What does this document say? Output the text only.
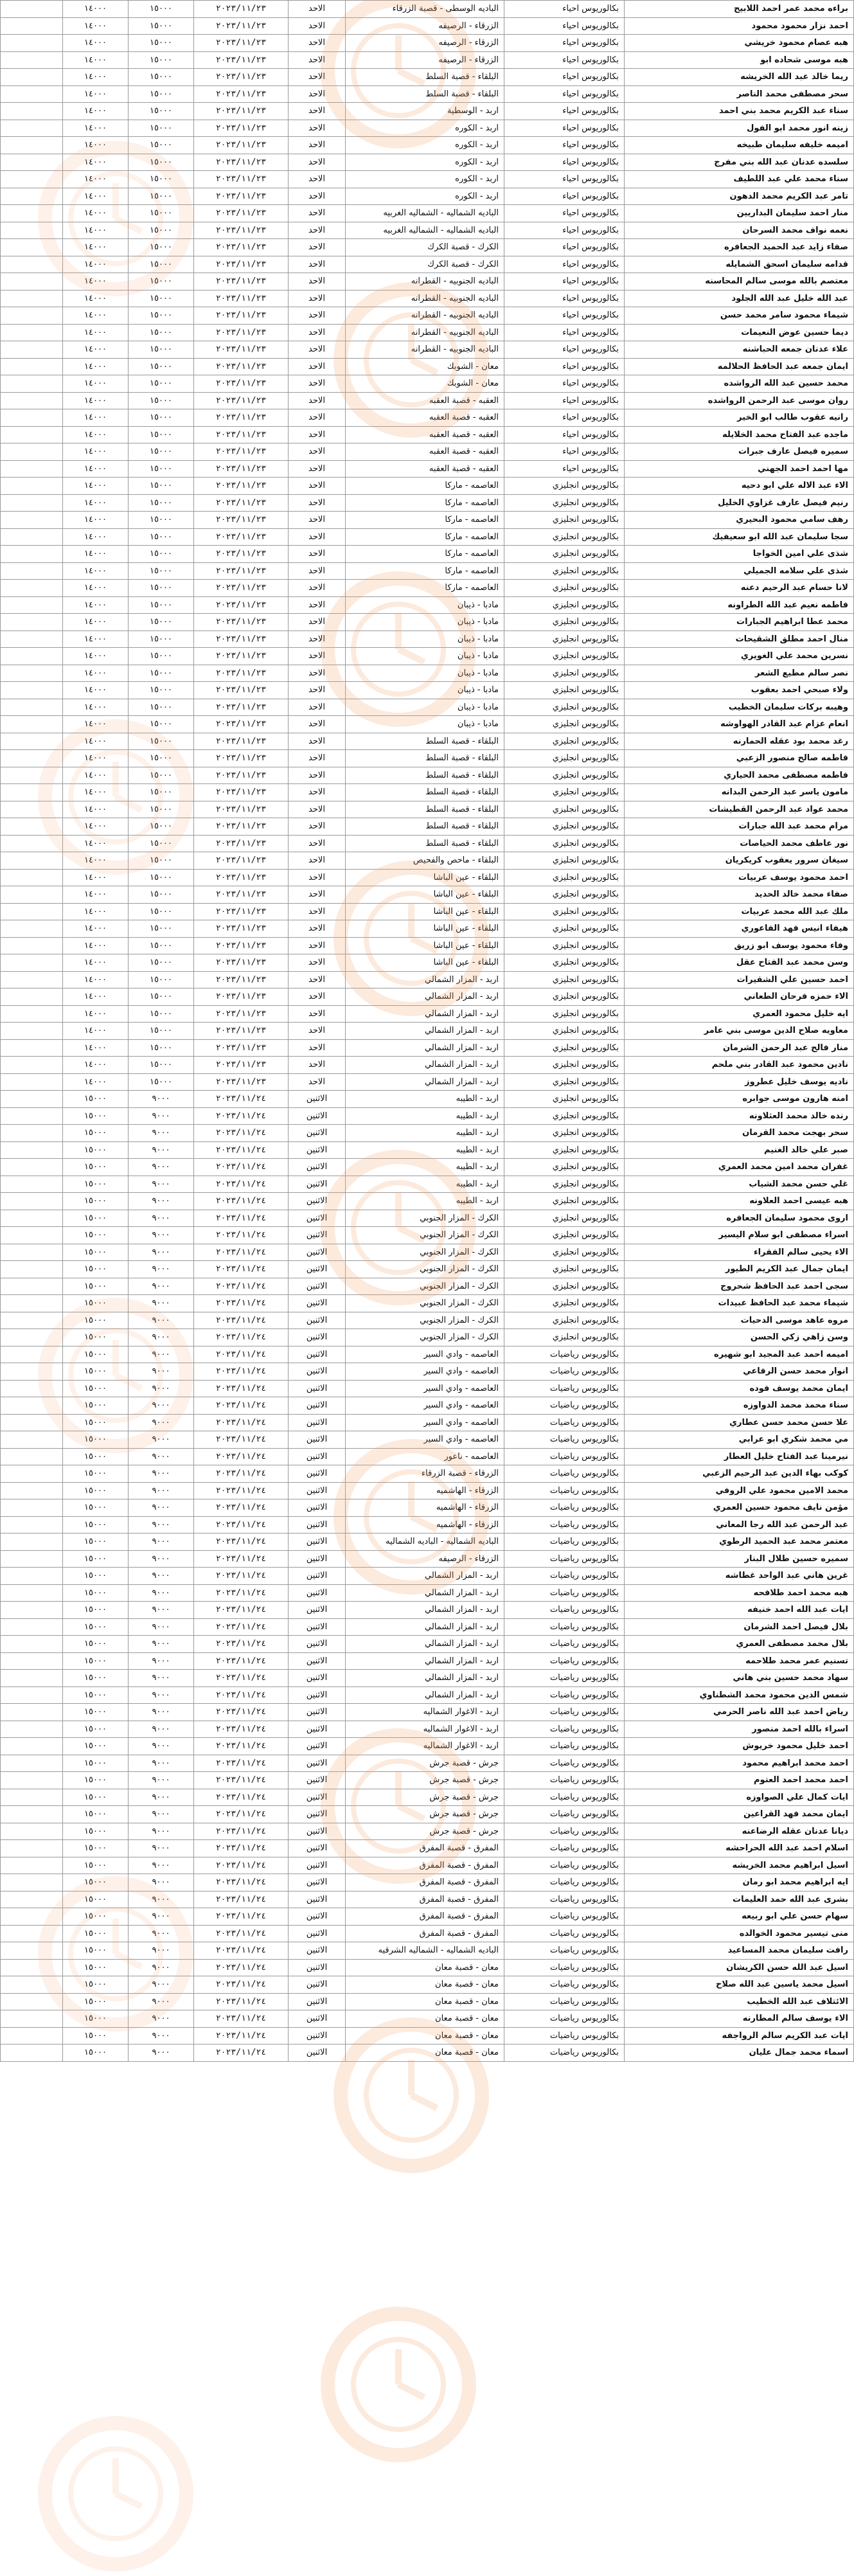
براءه محمد عمر احمد اللابيح	بكالوريوس احياء	الباديه الوسطى - قصبة الزرقاء	الاحد	٢٠٢٣/١١/٢٣	١٥٠٠٠	١٤٠٠٠	
احمد نزار محمود محمود	بكالوريوس احياء	الزرقاء - الرصيفه	الاحد	٢٠٢٣/١١/٢٣	١٥٠٠٠	١٤٠٠٠	
هبه عصام محمود خريشي	بكالوريوس احياء	الزرقاء - الرصيفه	الاحد	٢٠٢٣/١١/٢٣	١٥٠٠٠	١٤٠٠٠	
هبه موسى شحاده ابو	بكالوريوس احياء	الزرقاء - الرصيفه	الاحد	٢٠٢٣/١١/٢٣	١٥٠٠٠	١٤٠٠٠	
ريما خالد عبد الله الخريشه	بكالوريوس احياء	البلقاء - قصبة السلط	الاحد	٢٠٢٣/١١/٢٣	١٥٠٠٠	١٤٠٠٠	
سحر مصطفى محمد الناصر	بكالوريوس احياء	البلقاء - قصبة السلط	الاحد	٢٠٢٣/١١/٢٣	١٥٠٠٠	١٤٠٠٠	
سناء عبد الكريم محمد بني احمد	بكالوريوس احياء	اربد - الوسطية	الاحد	٢٠٢٣/١١/٢٣	١٥٠٠٠	١٤٠٠٠	
زينه انور محمد ابو الفول	بكالوريوس احياء	اربد - الكوره	الاحد	٢٠٢٣/١١/٢٣	١٥٠٠٠	١٤٠٠٠	
اميمه خليفه سليمان طبيخه	بكالوريوس احياء	اربد - الكوره	الاحد	٢٠٢٣/١١/٢٣	١٥٠٠٠	١٤٠٠٠	
سلسده عدنان عبد الله بني مفرج	بكالوريوس احياء	اربد - الكوره	الاحد	٢٠٢٣/١١/٢٣	١٥٠٠٠	١٤٠٠٠	
سناء محمد علي عبد اللطيف	بكالوريوس احياء	اربد - الكوره	الاحد	٢٠٢٣/١١/٢٣	١٥٠٠٠	١٤٠٠٠	
تامر عبد الكريم محمد الدهون	بكالوريوس احياء	اربد - الكوره	الاحد	٢٠٢٣/١١/٢٣	١٥٠٠٠	١٤٠٠٠	
منار احمد سليمان البداريين	بكالوريوس احياء	الباديه الشماليه - الشماليه الغربيه	الاحد	٢٠٢٣/١١/٢٣	١٥٠٠٠	١٤٠٠٠	
نعمه نواف محمد السرحان	بكالوريوس احياء	الباديه الشماليه - الشماليه الغربيه	الاحد	٢٠٢٣/١١/٢٣	١٥٠٠٠	١٤٠٠٠	
صفاء زايد عبد الحميد الجعافره	بكالوريوس احياء	الكرك - قصبة الكرك	الاحد	٢٠٢٣/١١/٢٣	١٥٠٠٠	١٤٠٠٠	
قدامه سليمان اسحق الشمايله	بكالوريوس احياء	الكرك - قصبة الكرك	الاحد	٢٠٢٣/١١/٢٣	١٥٠٠٠	١٤٠٠٠	
معتصم بالله موسى سالم المحاسنه	بكالوريوس احياء	الباديه الجنوبيه - القطرانه	الاحد	٢٠٢٣/١١/٢٣	١٥٠٠٠	١٤٠٠٠	
عبد الله خليل عبد الله الجلود	بكالوريوس احياء	الباديه الجنوبيه - القطرانه	الاحد	٢٠٢٣/١١/٢٣	١٥٠٠٠	١٤٠٠٠	
شيماء محمود سامر محمد حسن	بكالوريوس احياء	الباديه الجنوبيه - القطرانه	الاحد	٢٠٢٣/١١/٢٣	١٥٠٠٠	١٤٠٠٠	
ديما حسين عوض النعيمات	بكالوريوس احياء	الباديه الجنوبيه - القطرانه	الاحد	٢٠٢٣/١١/٢٣	١٥٠٠٠	١٤٠٠٠	
علاء عدنان جمعه الحباشنه	بكالوريوس احياء	الباديه الجنوبيه - القطرانه	الاحد	٢٠٢٣/١١/٢٣	١٥٠٠٠	١٤٠٠٠	
ايمان جمعه عبد الحافظ الحلالمه	بكالوريوس احياء	معان - الشوبك	الاحد	٢٠٢٣/١١/٢٣	١٥٠٠٠	١٤٠٠٠	
محمد حسين عبد الله الرواشده	بكالوريوس احياء	معان - الشوبك	الاحد	٢٠٢٣/١١/٢٣	١٥٠٠٠	١٤٠٠٠	
روان موسى عبد الرحمن الرواشده	بكالوريوس احياء	العقبه - قصبة العقبه	الاحد	٢٠٢٣/١١/٢٣	١٥٠٠٠	١٤٠٠٠	
رانيه عقوب طالب ابو الخير	بكالوريوس احياء	العقبه - قصبة العقبه	الاحد	٢٠٢٣/١١/٢٣	١٥٠٠٠	١٤٠٠٠	
ماجده عبد الفتاح محمد الخلايله	بكالوريوس احياء	العقبه - قصبة العقبه	الاحد	٢٠٢٣/١١/٢٣	١٥٠٠٠	١٤٠٠٠	
سميره فيصل عارف جبرات	بكالوريوس احياء	العقبه - قصبة العقبه	الاحد	٢٠٢٣/١١/٢٣	١٥٠٠٠	١٤٠٠٠	
مها احمد احمد الجهني	بكالوريوس احياء	العقبه - قصبة العقبه	الاحد	٢٠٢٣/١١/٢٣	١٥٠٠٠	١٤٠٠٠	
الاء عبد الاله علي ابو دحيه	بكالوريوس انجليزي	العاصمه - ماركا	الاحد	٢٠٢٣/١١/٢٣	١٥٠٠٠	١٤٠٠٠	
رنيم فيصل عارف غزاوي الخليل	بكالوريوس انجليزي	العاصمه - ماركا	الاحد	٢٠٢٣/١١/٢٣	١٥٠٠٠	١٤٠٠٠	
رهف سامي محمود البحيري	بكالوريوس انجليزي	العاصمه - ماركا	الاحد	٢٠٢٣/١١/٢٣	١٥٠٠٠	١٤٠٠٠	
سجا سليمان عبد الله ابو سعيفيك	بكالوريوس انجليزي	العاصمه - ماركا	الاحد	٢٠٢٣/١١/٢٣	١٥٠٠٠	١٤٠٠٠	
شذى علي امين الخواجا	بكالوريوس انجليزي	العاصمه - ماركا	الاحد	٢٠٢٣/١١/٢٣	١٥٠٠٠	١٤٠٠٠	
شذى علي سلامه الجميلي	بكالوريوس انجليزي	العاصمه - ماركا	الاحد	٢٠٢٣/١١/٢٣	١٥٠٠٠	١٤٠٠٠	
لانا حسام عبد الرحيم دعنه	بكالوريوس انجليزي	العاصمه - ماركا	الاحد	٢٠٢٣/١١/٢٣	١٥٠٠٠	١٤٠٠٠	
فاطمه نعيم عبد الله الطراونه	بكالوريوس انجليزي	مادبا - ذيبان	الاحد	٢٠٢٣/١١/٢٣	١٥٠٠٠	١٤٠٠٠	
محمد عطا ابراهيم الجبارات	بكالوريوس انجليزي	مادبا - ذيبان	الاحد	٢٠٢٣/١١/٢٣	١٥٠٠٠	١٤٠٠٠	
منال احمد مطلق الشقيحات	بكالوريوس انجليزي	مادبا - ذيبان	الاحد	٢٠٢٣/١١/٢٣	١٥٠٠٠	١٤٠٠٠	
نسرين محمد علي الغويري	بكالوريوس انجليزي	مادبا - ذيبان	الاحد	٢٠٢٣/١١/٢٣	١٥٠٠٠	١٤٠٠٠	
نصر سالم مطيع الشعر	بكالوريوس انجليزي	مادبا - ذيبان	الاحد	٢٠٢٣/١١/٢٣	١٥٠٠٠	١٤٠٠٠	
ولاء صبحي احمد بعقوب	بكالوريوس انجليزي	مادبا - ذيبان	الاحد	٢٠٢٣/١١/٢٣	١٥٠٠٠	١٤٠٠٠	
وهيبه بركات سليمان الخطيب	بكالوريوس انجليزي	مادبا - ذيبان	الاحد	٢٠٢٣/١١/٢٣	١٥٠٠٠	١٤٠٠٠	
انعام عزام عبد القادر الهواوشه	بكالوريوس انجليزي	مادبا - ذيبان	الاحد	٢٠٢٣/١١/٢٣	١٥٠٠٠	١٤٠٠٠	
رغد محمد بود عقله الحمارنه	بكالوريوس انجليزي	البلقاء - قصبة السلط	الاحد	٢٠٢٣/١١/٢٣	١٥٠٠٠	١٤٠٠٠	
فاطمه صالح منصور الزعبي	بكالوريوس انجليزي	البلقاء - قصبة السلط	الاحد	٢٠٢٣/١١/٢٣	١٥٠٠٠	١٤٠٠٠	
فاطمه مصطفى محمد الحياري	بكالوريوس انجليزي	البلقاء - قصبة السلط	الاحد	٢٠٢٣/١١/٢٣	١٥٠٠٠	١٤٠٠٠	
مامون ياسر عبد الرحمن البدانه	بكالوريوس انجليزي	البلقاء - قصبة السلط	الاحد	٢٠٢٣/١١/٢٣	١٥٠٠٠	١٤٠٠٠	
محمد عواد عبد الرحمن القطيشات	بكالوريوس انجليزي	البلقاء - قصبة السلط	الاحد	٢٠٢٣/١١/٢٣	١٥٠٠٠	١٤٠٠٠	
مرام محمد عبد الله جبارات	بكالوريوس انجليزي	البلقاء - قصبة السلط	الاحد	٢٠٢٣/١١/٢٣	١٥٠٠٠	١٤٠٠٠	
نور عاطف محمد الحياصات	بكالوريوس انجليزي	البلقاء - قصبة السلط	الاحد	٢٠٢٣/١١/٢٣	١٥٠٠٠	١٤٠٠٠	
سيغان سرور يعقوب كريكريان	بكالوريوس انجليزي	البلقاء - ماحص والفحيص	الاحد	٢٠٢٣/١١/٢٣	١٥٠٠٠	١٤٠٠٠	
احمد محمود يوسف عربيات	بكالوريوس انجليزي	البلقاء - عين الباشا	الاحد	٢٠٢٣/١١/٢٣	١٥٠٠٠	١٤٠٠٠	
صفاء محمد خالد الحديد	بكالوريوس انجليزي	البلقاء - عين الباشا	الاحد	٢٠٢٣/١١/٢٣	١٥٠٠٠	١٤٠٠٠	
ملك عبد الله محمد عربيات	بكالوريوس انجليزي	البلقاء - عين الباشا	الاحد	٢٠٢٣/١١/٢٣	١٥٠٠٠	١٤٠٠٠	
هيفاء انيس فهد الفاعوري	بكالوريوس انجليزي	البلقاء - عين الباشا	الاحد	٢٠٢٣/١١/٢٣	١٥٠٠٠	١٤٠٠٠	
وفاء محمود يوسف ابو زريق	بكالوريوس انجليزي	البلقاء - عين الباشا	الاحد	٢٠٢٣/١١/٢٣	١٥٠٠٠	١٤٠٠٠	
وسن محمد عبد الفتاح عقل	بكالوريوس انجليزي	البلقاء - عين الباشا	الاحد	٢٠٢٣/١١/٢٣	١٥٠٠٠	١٤٠٠٠	
احمد حسين علي الشقيرات	بكالوريوس انجليزي	اربد - المزار الشمالي	الاحد	٢٠٢٣/١١/٢٣	١٥٠٠٠	١٤٠٠٠	
الاء حمزه فرحان الطعاني	بكالوريوس انجليزي	اربد - المزار الشمالي	الاحد	٢٠٢٣/١١/٢٣	١٥٠٠٠	١٤٠٠٠	
ايه خليل محمود العمري	بكالوريوس انجليزي	اربد - المزار الشمالي	الاحد	٢٠٢٣/١١/٢٣	١٥٠٠٠	١٤٠٠٠	
معاويه صلاح الدين موسى بني عامر	بكالوريوس انجليزي	اربد - المزار الشمالي	الاحد	٢٠٢٣/١١/٢٣	١٥٠٠٠	١٤٠٠٠	
منار فالح عبد الرحمن الشرمان	بكالوريوس انجليزي	اربد - المزار الشمالي	الاحد	٢٠٢٣/١١/٢٣	١٥٠٠٠	١٤٠٠٠	
نادين محمود عبد القادر بني ملحم	بكالوريوس انجليزي	اربد - المزار الشمالي	الاحد	٢٠٢٣/١١/٢٣	١٥٠٠٠	١٤٠٠٠	
ناديه يوسف خليل عطروز	بكالوريوس انجليزي	اربد - المزار الشمالي	الاحد	٢٠٢٣/١١/٢٣	١٥٠٠٠	١٤٠٠٠	
امنه هارون موسى جوابره	بكالوريوس انجليزي	اربد - الطيبه	الاثنين	٢٠٢٣/١١/٢٤	٩٠٠٠	١٥٠٠٠	
رنده خالد محمد العثلاونه	بكالوريوس انجليزي	اربد - الطيبه	الاثنين	٢٠٢٣/١١/٢٤	٩٠٠٠	١٥٠٠٠	
سحر بهجت محمد القرمان	بكالوريوس انجليزي	اربد - الطيبه	الاثنين	٢٠٢٣/١١/٢٤	٩٠٠٠	١٥٠٠٠	
صبر علي خالد الغنيم	بكالوريوس انجليزي	اربد - الطيبه	الاثنين	٢٠٢٣/١١/٢٤	٩٠٠٠	١٥٠٠٠	
غفران محمد امين محمد العمري	بكالوريوس انجليزي	اربد - الطيبه	الاثنين	٢٠٢٣/١١/٢٤	٩٠٠٠	١٥٠٠٠	
غلي حسن محمد الشياب	بكالوريوس انجليزي	اربد - الطيبه	الاثنين	٢٠٢٣/١١/٢٤	٩٠٠٠	١٥٠٠٠	
هبه عيسى احمد العلاونه	بكالوريوس انجليزي	اربد - الطيبه	الاثنين	٢٠٢٣/١١/٢٤	٩٠٠٠	١٥٠٠٠	
اروى محمود سليمان الجعافره	بكالوريوس انجليزي	الكرك - المزار الجنوبي	الاثنين	٢٠٢٣/١١/٢٤	٩٠٠٠	١٥٠٠٠	
اسراء مصطفى ابو سلام اليسير	بكالوريوس انجليزي	الكرك - المزار الجنوبي	الاثنين	٢٠٢٣/١١/٢٤	٩٠٠٠	١٥٠٠٠	
الاء يحيى سالم الفقراء	بكالوريوس انجليزي	الكرك - المزار الجنوبي	الاثنين	٢٠٢٣/١١/٢٤	٩٠٠٠	١٥٠٠٠	
ايمان جمال عبد الكريم الطيور	بكالوريوس انجليزي	الكرك - المزار الجنوبي	الاثنين	٢٠٢٣/١١/٢٤	٩٠٠٠	١٥٠٠٠	
سجى احمد عبد الحافظ شحروج	بكالوريوس انجليزي	الكرك - المزار الجنوبي	الاثنين	٢٠٢٣/١١/٢٤	٩٠٠٠	١٥٠٠٠	
شيماء محمد عبد الحافظ عبيدات	بكالوريوس انجليزي	الكرك - المزار الجنوبي	الاثنين	٢٠٢٣/١١/٢٤	٩٠٠٠	١٥٠٠٠	
مروه عاهد موسى الدحيات	بكالوريوس انجليزي	الكرك - المزار الجنوبي	الاثنين	٢٠٢٣/١١/٢٤	٩٠٠٠	١٥٠٠٠	
وسن زاهي زكي الحسن	بكالوريوس انجليزي	الكرك - المزار الجنوبي	الاثنين	٢٠٢٣/١١/٢٤	٩٠٠٠	١٥٠٠٠	
اميمه احمد عبد المجيد ابو شهيره	بكالوريوس رياضيات	العاصمه - وادي السير	الاثنين	٢٠٢٣/١١/٢٤	٩٠٠٠	١٥٠٠٠	
انوار محمد حسن الرفاعي	بكالوريوس رياضيات	العاصمه - وادي السير	الاثنين	٢٠٢٣/١١/٢٤	٩٠٠٠	١٥٠٠٠	
ايمان محمد يوسف فوده	بكالوريوس رياضيات	العاصمه - وادي السير	الاثنين	٢٠٢٣/١١/٢٤	٩٠٠٠	١٥٠٠٠	
سناء محمد محمد الدواوزه	بكالوريوس رياضيات	العاصمه - وادي السير	الاثنين	٢٠٢٣/١١/٢٤	٩٠٠٠	١٥٠٠٠	
علا حسن محمد حسن عطاري	بكالوريوس رياضيات	العاصمه - وادي السير	الاثنين	٢٠٢٣/١١/٢٤	٩٠٠٠	١٥٠٠٠	
مي محمد شكري ابو عرابي	بكالوريوس رياضيات	العاصمه - وادي السير	الاثنين	٢٠٢٣/١١/٢٤	٩٠٠٠	١٥٠٠٠	
نيرمينا عبد الفتاح خليل العطار	بكالوريوس رياضيات	العاصمه - ناعور	الاثنين	٢٠٢٣/١١/٢٤	٩٠٠٠	١٥٠٠٠	
كوكب بهاء الدين عبد الرحيم الزعبي	بكالوريوس رياضيات	الزرقاء - قصبة الزرقاء	الاثنين	٢٠٢٣/١١/٢٤	٩٠٠٠	١٥٠٠٠	
محمد الامين محمود علي الروفي	بكالوريوس رياضيات	الزرقاء - الهاشميه	الاثنين	٢٠٢٣/١١/٢٤	٩٠٠٠	١٥٠٠٠	
مؤمن نايف محمود حسين العمري	بكالوريوس رياضيات	الزرقاء - الهاشميه	الاثنين	٢٠٢٣/١١/٢٤	٩٠٠٠	١٥٠٠٠	
عبد الرحمن عبد الله رجا المعاني	بكالوريوس رياضيات	الزرقاء - الهاشميه	الاثنين	٢٠٢٣/١١/٢٤	٩٠٠٠	١٥٠٠٠	
معتمر محمد عبد الحميد الرطوي	بكالوريوس رياضيات	الباديه الشماليه - الباديه الشماليه	الاثنين	٢٠٢٣/١١/٢٤	٩٠٠٠	١٥٠٠٠	
سميره حسين طلال البنار	بكالوريوس رياضيات	الزرقاء - الرصيفه	الاثنين	٢٠٢٣/١١/٢٤	٩٠٠٠	١٥٠٠٠	
غرين هاني عبد الواحد غطاشه	بكالوريوس رياضيات	اربد - المزار الشمالي	الاثنين	٢٠٢٣/١١/٢٤	٩٠٠٠	١٥٠٠٠	
هبه محمد احمد طلافحه	بكالوريوس رياضيات	اربد - المزار الشمالي	الاثنين	٢٠٢٣/١١/٢٤	٩٠٠٠	١٥٠٠٠	
ايات عبد الله احمد خنيفه	بكالوريوس رياضيات	اربد - المزار الشمالي	الاثنين	٢٠٢٣/١١/٢٤	٩٠٠٠	١٥٠٠٠	
بلال فيصل احمد الشرمان	بكالوريوس رياضيات	اربد - المزار الشمالي	الاثنين	٢٠٢٣/١١/٢٤	٩٠٠٠	١٥٠٠٠	
بلال محمد مصطفى العمري	بكالوريوس رياضيات	اربد - المزار الشمالي	الاثنين	٢٠٢٣/١١/٢٤	٩٠٠٠	١٥٠٠٠	
تسنيم عمر محمد طلاحمه	بكالوريوس رياضيات	اربد - المزار الشمالي	الاثنين	٢٠٢٣/١١/٢٤	٩٠٠٠	١٥٠٠٠	
سهاد محمد حسين بني هاني	بكالوريوس رياضيات	اربد - المزار الشمالي	الاثنين	٢٠٢٣/١١/٢٤	٩٠٠٠	١٥٠٠٠	
شمس الدين محمود محمد الشطناوي	بكالوريوس رياضيات	اربد - المزار الشمالي	الاثنين	٢٠٢٣/١١/٢٤	٩٠٠٠	١٥٠٠٠	
رياض احمد عبد الله ناصر الحرمي	بكالوريوس رياضيات	اربد - الاغوار الشماليه	الاثنين	٢٠٢٣/١١/٢٤	٩٠٠٠	١٥٠٠٠	
اسراء بالله احمد منصور	بكالوريوس رياضيات	اربد - الاغوار الشماليه	الاثنين	٢٠٢٣/١١/٢٤	٩٠٠٠	١٥٠٠٠	
احمد خليل محمود خريوش	بكالوريوس رياضيات	اربد - الاغوار الشماليه	الاثنين	٢٠٢٣/١١/٢٤	٩٠٠٠	١٥٠٠٠	
احمد محمد ابراهيم محمود	بكالوريوس رياضيات	جرش - قصبة جرش	الاثنين	٢٠٢٣/١١/٢٤	٩٠٠٠	١٥٠٠٠	
احمد محمد احمد العتوم	بكالوريوس رياضيات	جرش - قصبة جرش	الاثنين	٢٠٢٣/١١/٢٤	٩٠٠٠	١٥٠٠٠	
ايات كمال علي الصواوزه	بكالوريوس رياضيات	جرش - قصبة جرش	الاثنين	٢٠٢٣/١١/٢٤	٩٠٠٠	١٥٠٠٠	
ايمان محمد فهد القراعين	بكالوريوس رياضيات	جرش - قصبة جرش	الاثنين	٢٠٢٣/١١/٢٤	٩٠٠٠	١٥٠٠٠	
ديانا عدنان عقله الرضاعنه	بكالوريوس رياضيات	جرش - قصبة جرش	الاثنين	٢٠٢٣/١١/٢٤	٩٠٠٠	١٥٠٠٠	
اسلام احمد عبد الله الحراحشه	بكالوريوس رياضيات	المفرق - قصبة المفرق	الاثنين	٢٠٢٣/١١/٢٤	٩٠٠٠	١٥٠٠٠	
اسيل ابراهيم محمد الخريشه	بكالوريوس رياضيات	المفرق - قصبة المفرق	الاثنين	٢٠٢٣/١١/٢٤	٩٠٠٠	١٥٠٠٠	
ايه ابراهيم محمد ابو رمان	بكالوريوس رياضيات	المفرق - قصبة المفرق	الاثنين	٢٠٢٣/١١/٢٤	٩٠٠٠	١٥٠٠٠	
بشرى عبد الله حمد العليمات	بكالوريوس رياضيات	المفرق - قصبة المفرق	الاثنين	٢٠٢٣/١١/٢٤	٩٠٠٠	١٥٠٠٠	
سهام حسن علي ابو ربيعه	بكالوريوس رياضيات	المفرق - قصبة المفرق	الاثنين	٢٠٢٣/١١/٢٤	٩٠٠٠	١٥٠٠٠	
منى تيسير محمود الخوالده	بكالوريوس رياضيات	المفرق - قصبة المفرق	الاثنين	٢٠٢٣/١١/٢٤	٩٠٠٠	١٥٠٠٠	
رافت سليمان محمد المساعيد	بكالوريوس رياضيات	الباديه الشماليه - الشماليه الشرقيه	الاثنين	٢٠٢٣/١١/٢٤	٩٠٠٠	١٥٠٠٠	
اسيل عبد الله حسن الكريشان	بكالوريوس رياضيات	معان - قصبة معان	الاثنين	٢٠٢٣/١١/٢٤	٩٠٠٠	١٥٠٠٠	
اسيل محمد ياسين عبد الله صلاح	بكالوريوس رياضيات	معان - قصبة معان	الاثنين	٢٠٢٣/١١/٢٤	٩٠٠٠	١٥٠٠٠	
الائتلاف عبد الله الخطيب	بكالوريوس رياضيات	معان - قصبة معان	الاثنين	٢٠٢٣/١١/٢٤	٩٠٠٠	١٥٠٠٠	
الاء يوسف سالم المطارنه	بكالوريوس رياضيات	معان - قصبة معان	الاثنين	٢٠٢٣/١١/٢٤	٩٠٠٠	١٥٠٠٠	
ايات عبد الكريم سالم الرواجفه	بكالوريوس رياضيات	معان - قصبة معان	الاثنين	٢٠٢٣/١١/٢٤	٩٠٠٠	١٥٠٠٠	
اسماء محمد جمال عليان	بكالوريوس رياضيات	معان - قصبة معان	الاثنين	٢٠٢٣/١١/٢٤	٩٠٠٠	١٥٠٠٠	
